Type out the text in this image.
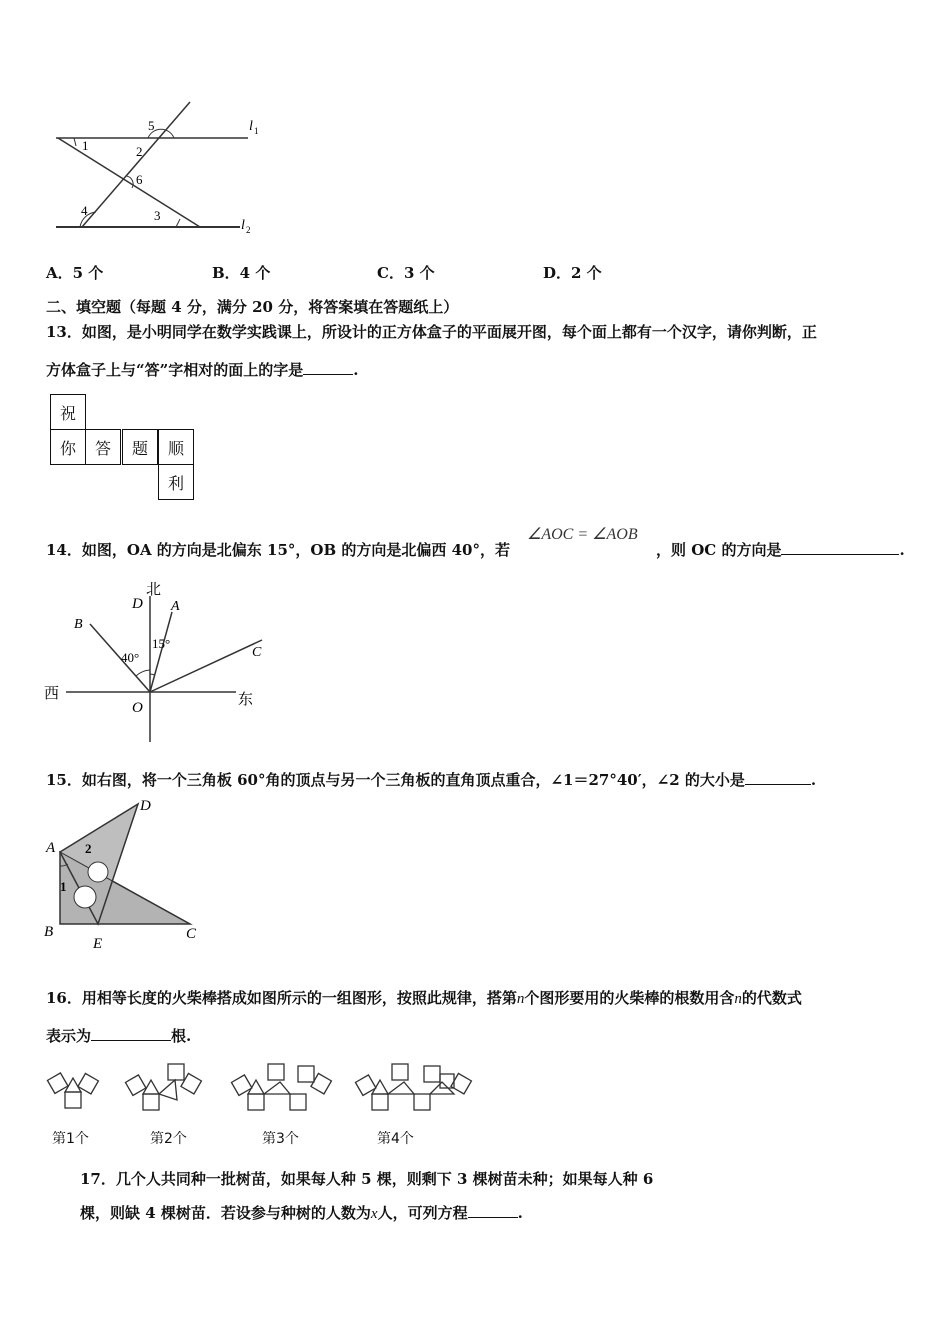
l 1
l 2
1	2
3
4
5
6
A．5 个	B．4 个	C．3 个	D．2 个
二、填空题（每题 4 分，满分 20 分，将答案填在答题纸上）
13．如图，是小明同学在数学实践课上，所设计的正方体盒子的平面展开图，每个面上都有一个汉字，请你判断，正
方体盒子上与“答”字相对的面上的字是	.
祝
你	答	题	顺
利
14．如图，OA 的方向是北偏东 15°，OB 的方向是北偏西 40°，若
∠AOC = ∠AOB
，则 OC 的方向是	.
北
D A
B
C
O
西	东
40°
15°
15．如右图，将一个三角板 60°角的顶点与另一个三角板的直角顶点重合，∠1＝27°40′，∠2 的大小是	.
A
B	C
D
E
1
2
16．用相等长度的火柴棒搭成如图所示的一组图形，按照此规律，搭第n个图形要用的火柴棒的根数用含n的代数式
表示为	根.
第1个	第2个	第3个	第4个
17．几个人共同种一批树苗，如果每人种 5 棵，则剩下 3 棵树苗未种；如果每人种 6
棵，则缺 4 棵树苗．若设参与种树的人数为x人，可列方程	.
